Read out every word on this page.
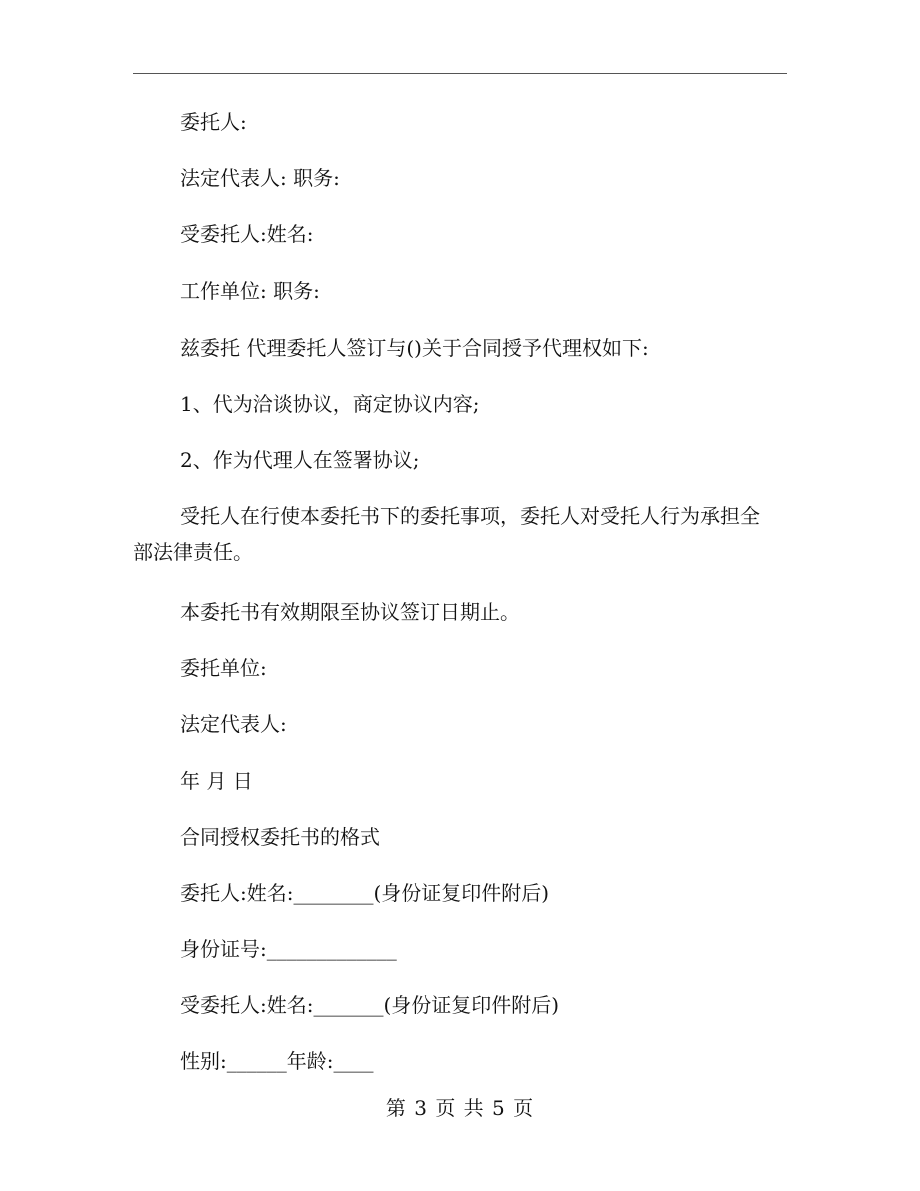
委托人:
法定代表人: 职务:
受委托人:姓名:
工作单位: 职务:
兹委托 代理委托人签订与()关于合同授予代理权如下:
1、代为洽谈协议，商定协议内容;
2、作为代理人在签署协议;
受托人在行使本委托书下的委托事项，委托人对受托人行为承担全部法律责任。
本委托书有效期限至协议签订日期止。
委托单位:
法定代表人:
年 月 日
合同授权委托书的格式
委托人:姓名:________(身份证复印件附后)
身份证号:_____________
受委托人:姓名:_______(身份证复印件附后)
性别:______年龄:____
第 3 页 共 5 页
